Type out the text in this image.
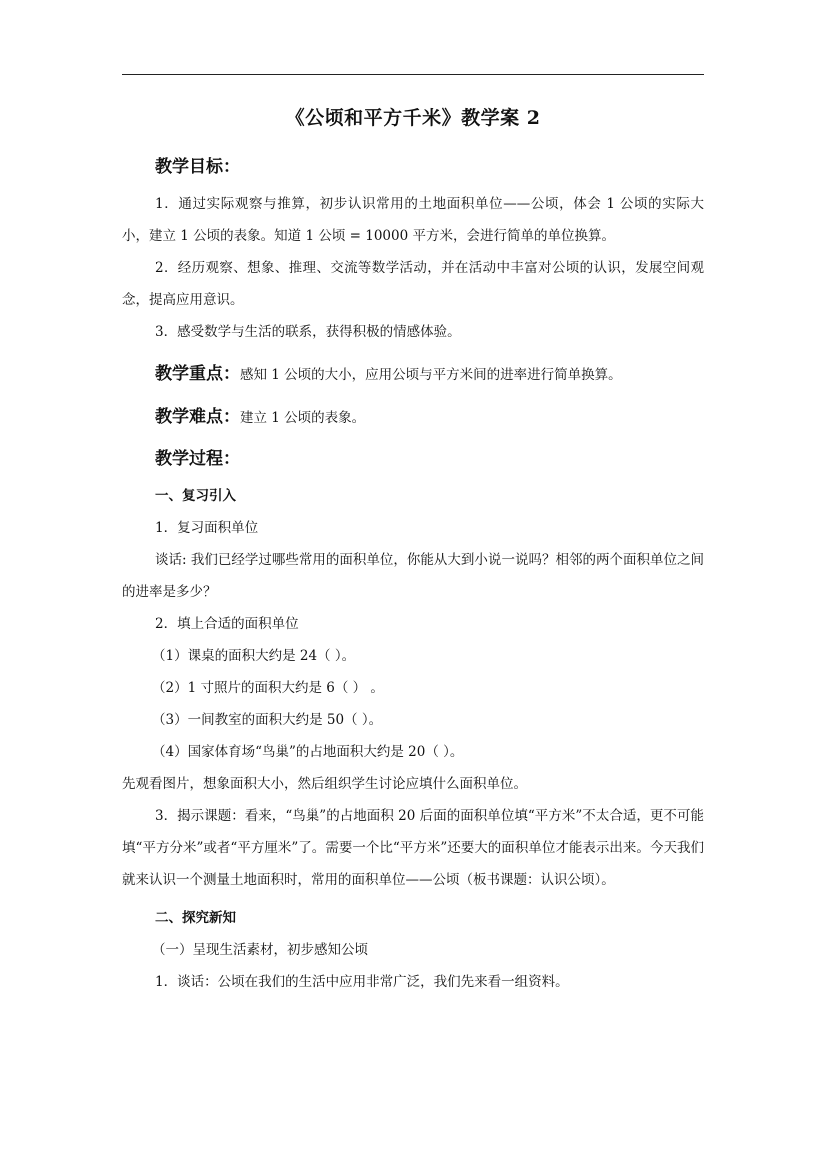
《公顷和平方千米》教学案 2
教学目标：

1．通过实际观察与推算，初步认识常用的土地面积单位——公顷，体会 1 公顷的实际大小，建立 1 公顷的表象。知道 1 公顷 = 10000 平方米，会进行简单的单位换算。

2．经历观察、想象、推理、交流等数学活动，并在活动中丰富对公顷的认识，发展空间观念，提高应用意识。

3．感受数学与生活的联系，获得积极的情感体验。

教学重点：感知 1 公顷的大小，应用公顷与平方米间的进率进行简单换算。

教学难点：建立 1 公顷的表象。

教学过程：

一、复习引入

1．复习面积单位

谈话: 我们已经学过哪些常用的面积单位，你能从大到小说一说吗？相邻的两个面积单位之间的进率是多少？

2．填上合适的面积单位

（1）课桌的面积大约是 24（ ）。

（2）1 寸照片的面积大约是 6（ ） 。

（3）一间教室的面积大约是 50（ ）。

（4）国家体育场“鸟巢”的占地面积大约是 20（ ）。

先观看图片，想象面积大小，然后组织学生讨论应填什么面积单位。

3．揭示课题：看来，“鸟巢”的占地面积 20 后面的面积单位填“平方米”不太合适，更不可能填“平方分米”或者“平方厘米”了。需要一个比“平方米”还要大的面积单位才能表示出来。今天我们就来认识一个测量土地面积时，常用的面积单位——公顷（板书课题：认识公顷）。

二、探究新知

（一）呈现生活素材，初步感知公顷

1．谈话：公顷在我们的生活中应用非常广泛，我们先来看一组资料。
